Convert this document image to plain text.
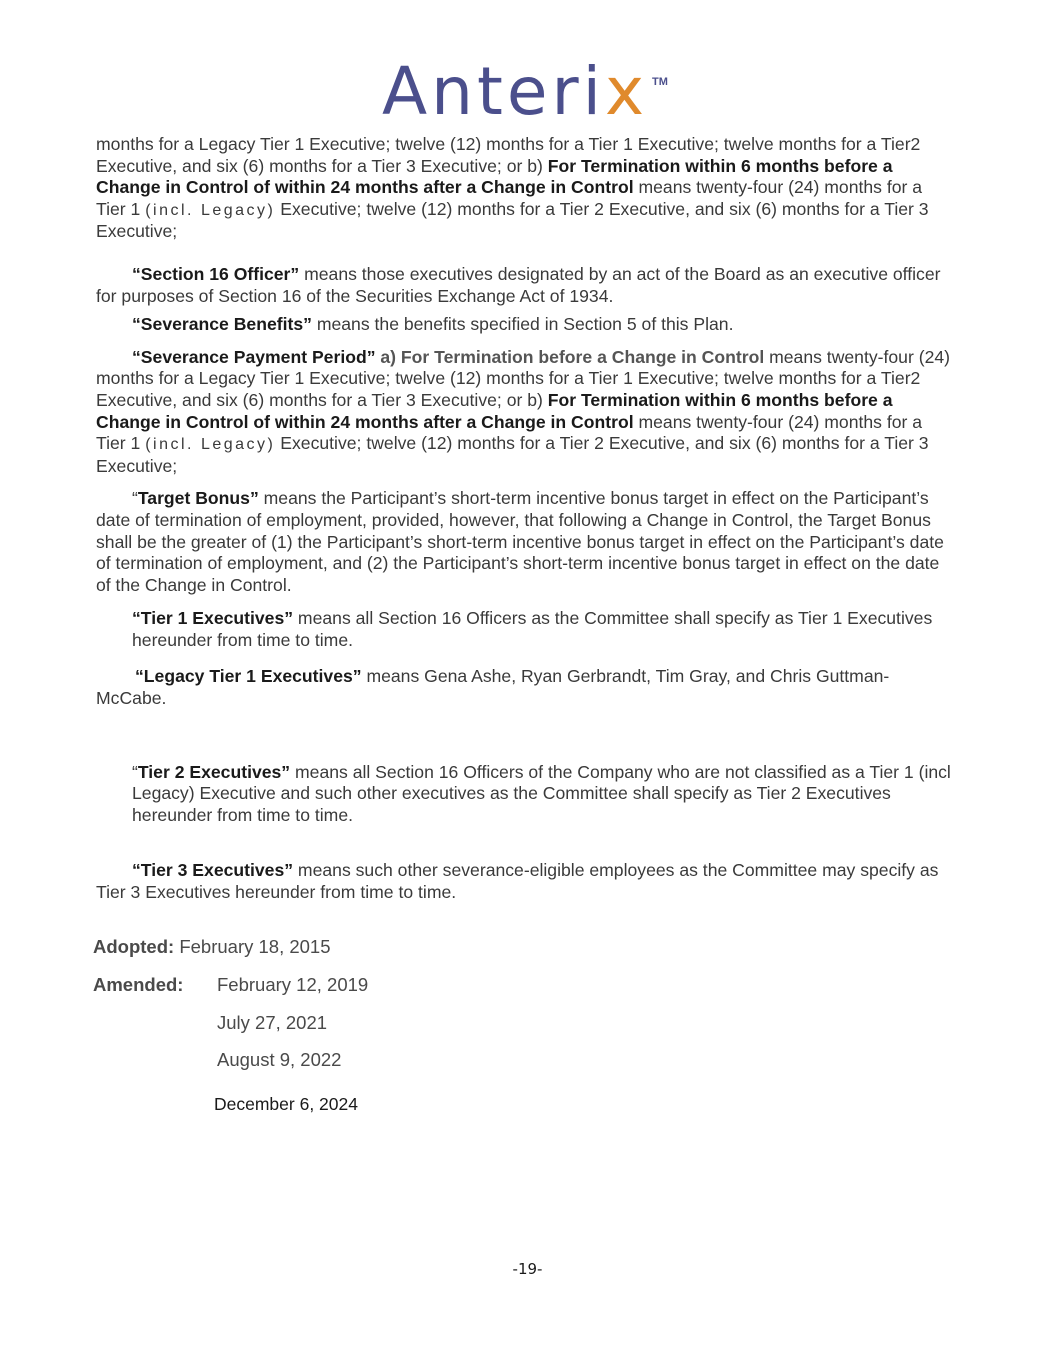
Anterix TM

months for a Legacy Tier 1 Executive; twelve (12) months for a Tier 1 Executive; twelve months for a Tier2 Executive, and six (6) months for a Tier 3 Executive; or b) For Termination within 6 months before a Change in Control of within 24 months after a Change in Control means twenty-four (24) months for a Tier 1 (incl. Legacy) Executive; twelve (12) months for a Tier 2 Executive, and six (6) months for a Tier 3 Executive;

“Section 16 Officer” means those executives designated by an act of the Board as an executive officer for purposes of Section 16 of the Securities Exchange Act of 1934.

“Severance Benefits” means the benefits specified in Section 5 of this Plan.

“Severance Payment Period” a) For Termination before a Change in Control means twenty-four (24) months for a Legacy Tier 1 Executive; twelve (12) months for a Tier 1 Executive; twelve months for a Tier2 Executive, and six (6) months for a Tier 3 Executive; or b) For Termination within 6 months before a Change in Control of within 24 months after a Change in Control means twenty-four (24) months for a Tier 1 (incl. Legacy) Executive; twelve (12) months for a Tier 2 Executive, and six (6) months for a Tier 3 Executive;

“Target Bonus” means the Participant’s short-term incentive bonus target in effect on the Participant’s date of termination of employment, provided, however, that following a Change in Control, the Target Bonus shall be the greater of (1) the Participant’s short-term incentive bonus target in effect on the Participant’s date of termination of employment, and (2) the Participant’s short-term incentive bonus target in effect on the date of the Change in Control.

“Tier 1 Executives” means all Section 16 Officers as the Committee shall specify as Tier 1 Executives hereunder from time to time.

“Legacy Tier 1 Executives” means Gena Ashe, Ryan Gerbrandt, Tim Gray, and Chris Guttman-McCabe.

“Tier 2 Executives” means all Section 16 Officers of the Company who are not classified as a Tier 1 (incl Legacy) Executive and such other executives as the Committee shall specify as Tier 2 Executives hereunder from time to time.

“Tier 3 Executives” means such other severance-eligible employees as the Committee may specify as Tier 3 Executives hereunder from time to time.

Adopted: February 18, 2015
Amended: February 12, 2019
July 27, 2021
August 9, 2022
December 6, 2024
-19-
